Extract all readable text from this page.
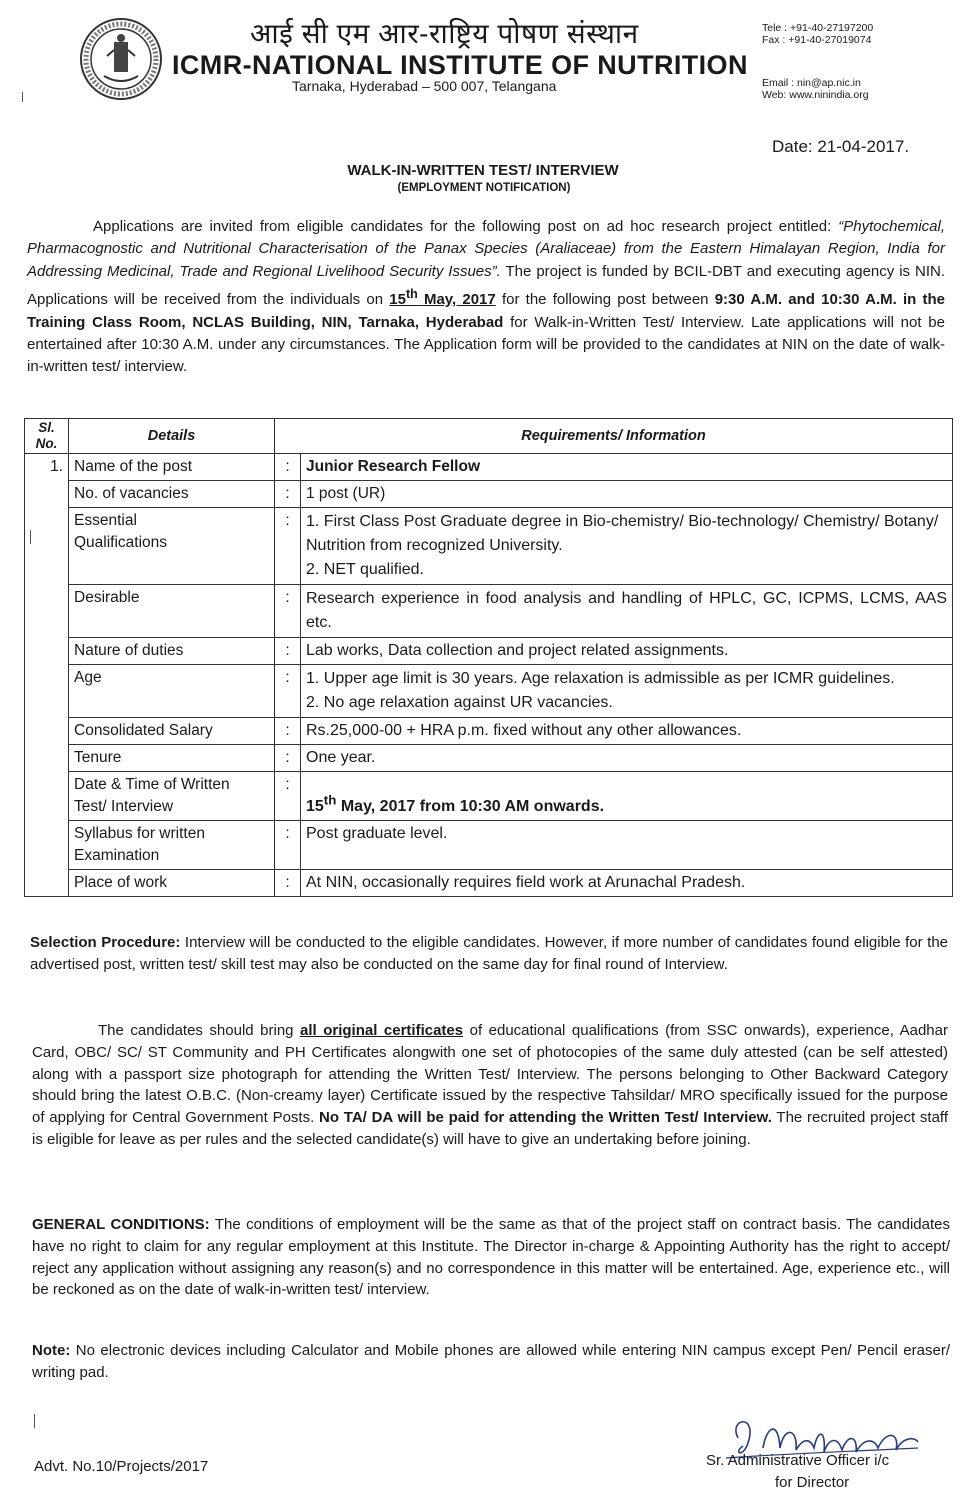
आई सी एम आर-राष्ट्रिय पोषण संस्थान
ICMR-NATIONAL INSTITUTE OF NUTRITION
Tarnaka, Hyderabad – 500 007, Telangana
Tele : +91-40-27197200
Fax : +91-40-27019074
Email : nin@ap.nic.in
Web: www.ninindia.org
Date: 21-04-2017.
WALK-IN-WRITTEN TEST/ INTERVIEW
(EMPLOYMENT NOTIFICATION)

Applications are invited from eligible candidates for the following post on ad hoc research project entitled: “Phytochemical, Pharmacognostic and Nutritional Characterisation of the Panax Species (Araliaceae) from the Eastern Himalayan Region, India for Addressing Medicinal, Trade and Regional Livelihood Security Issues”. The project is funded by BCIL-DBT and executing agency is NIN. Applications will be received from the individuals on 15th May, 2017 for the following post between 9:30 A.M. and 10:30 A.M. in the Training Class Room, NCLAS Building, NIN, Tarnaka, Hyderabad for Walk-in-Written Test/ Interview. Late applications will not be entertained after 10:30 A.M. under any circumstances. The Application form will be provided to the candidates at NIN on the date of walk-in-written test/ interview.

Sl. No.	Details	Requirements/ Information	
1.	Name of the post	:	Junior Research Fellow
	No. of vacancies	:	1 post (UR)
	Essential Qualifications	:	1. First Class Post Graduate degree in Bio-chemistry/ Bio-technology/ Chemistry/ Botany/ Nutrition from recognized University.
2. NET qualified.

	Desirable	:	Research experience in food analysis and handling of HPLC, GC, ICPMS, LCMS, AAS etc.
	Nature of duties	:	Lab works, Data collection and project related assignments.
	Age	:	1. Upper age limit is 30 years. Age relaxation is admissible as per ICMR guidelines.
2. No age relaxation against UR vacancies.

	Consolidated Salary	:	Rs.25,000-00 + HRA p.m. fixed without any other allowances.
	Tenure	:	One year.
	Date & Time of Written Test/ Interview	:	15th May, 2017 from 10:30 AM onwards.
	Syllabus for written Examination	:	Post graduate level.
	Place of work	:	At NIN, occasionally requires field work at Arunachal Pradesh.

Selection Procedure: Interview will be conducted to the eligible candidates. However, if more number of candidates found eligible for the advertised post, written test/ skill test may also be conducted on the same day for final round of Interview.

The candidates should bring all original certificates of educational qualifications (from SSC onwards), experience, Aadhar Card, OBC/ SC/ ST Community and PH Certificates alongwith one set of photocopies of the same duly attested (can be self attested) along with a passport size photograph for attending the Written Test/ Interview. The persons belonging to Other Backward Category should bring the latest O.B.C. (Non-creamy layer) Certificate issued by the respective Tahsildar/ MRO specifically issued for the purpose of applying for Central Government Posts. No TA/ DA will be paid for attending the Written Test/ Interview. The recruited project staff is eligible for leave as per rules and the selected candidate(s) will have to give an undertaking before joining.

GENERAL CONDITIONS: The conditions of employment will be the same as that of the project staff on contract basis. The candidates have no right to claim for any regular employment at this Institute. The Director in-charge & Appointing Authority has the right to accept/ reject any application without assigning any reason(s) and no correspondence in this matter will be entertained. Age, experience etc., will be reckoned as on the date of walk-in-written test/ interview.

Note: No electronic devices including Calculator and Mobile phones are allowed while entering NIN campus except Pen/ Pencil eraser/ writing pad.

Advt. No.10/Projects/2017	Sr. Administrative Officer i/c
for Director
